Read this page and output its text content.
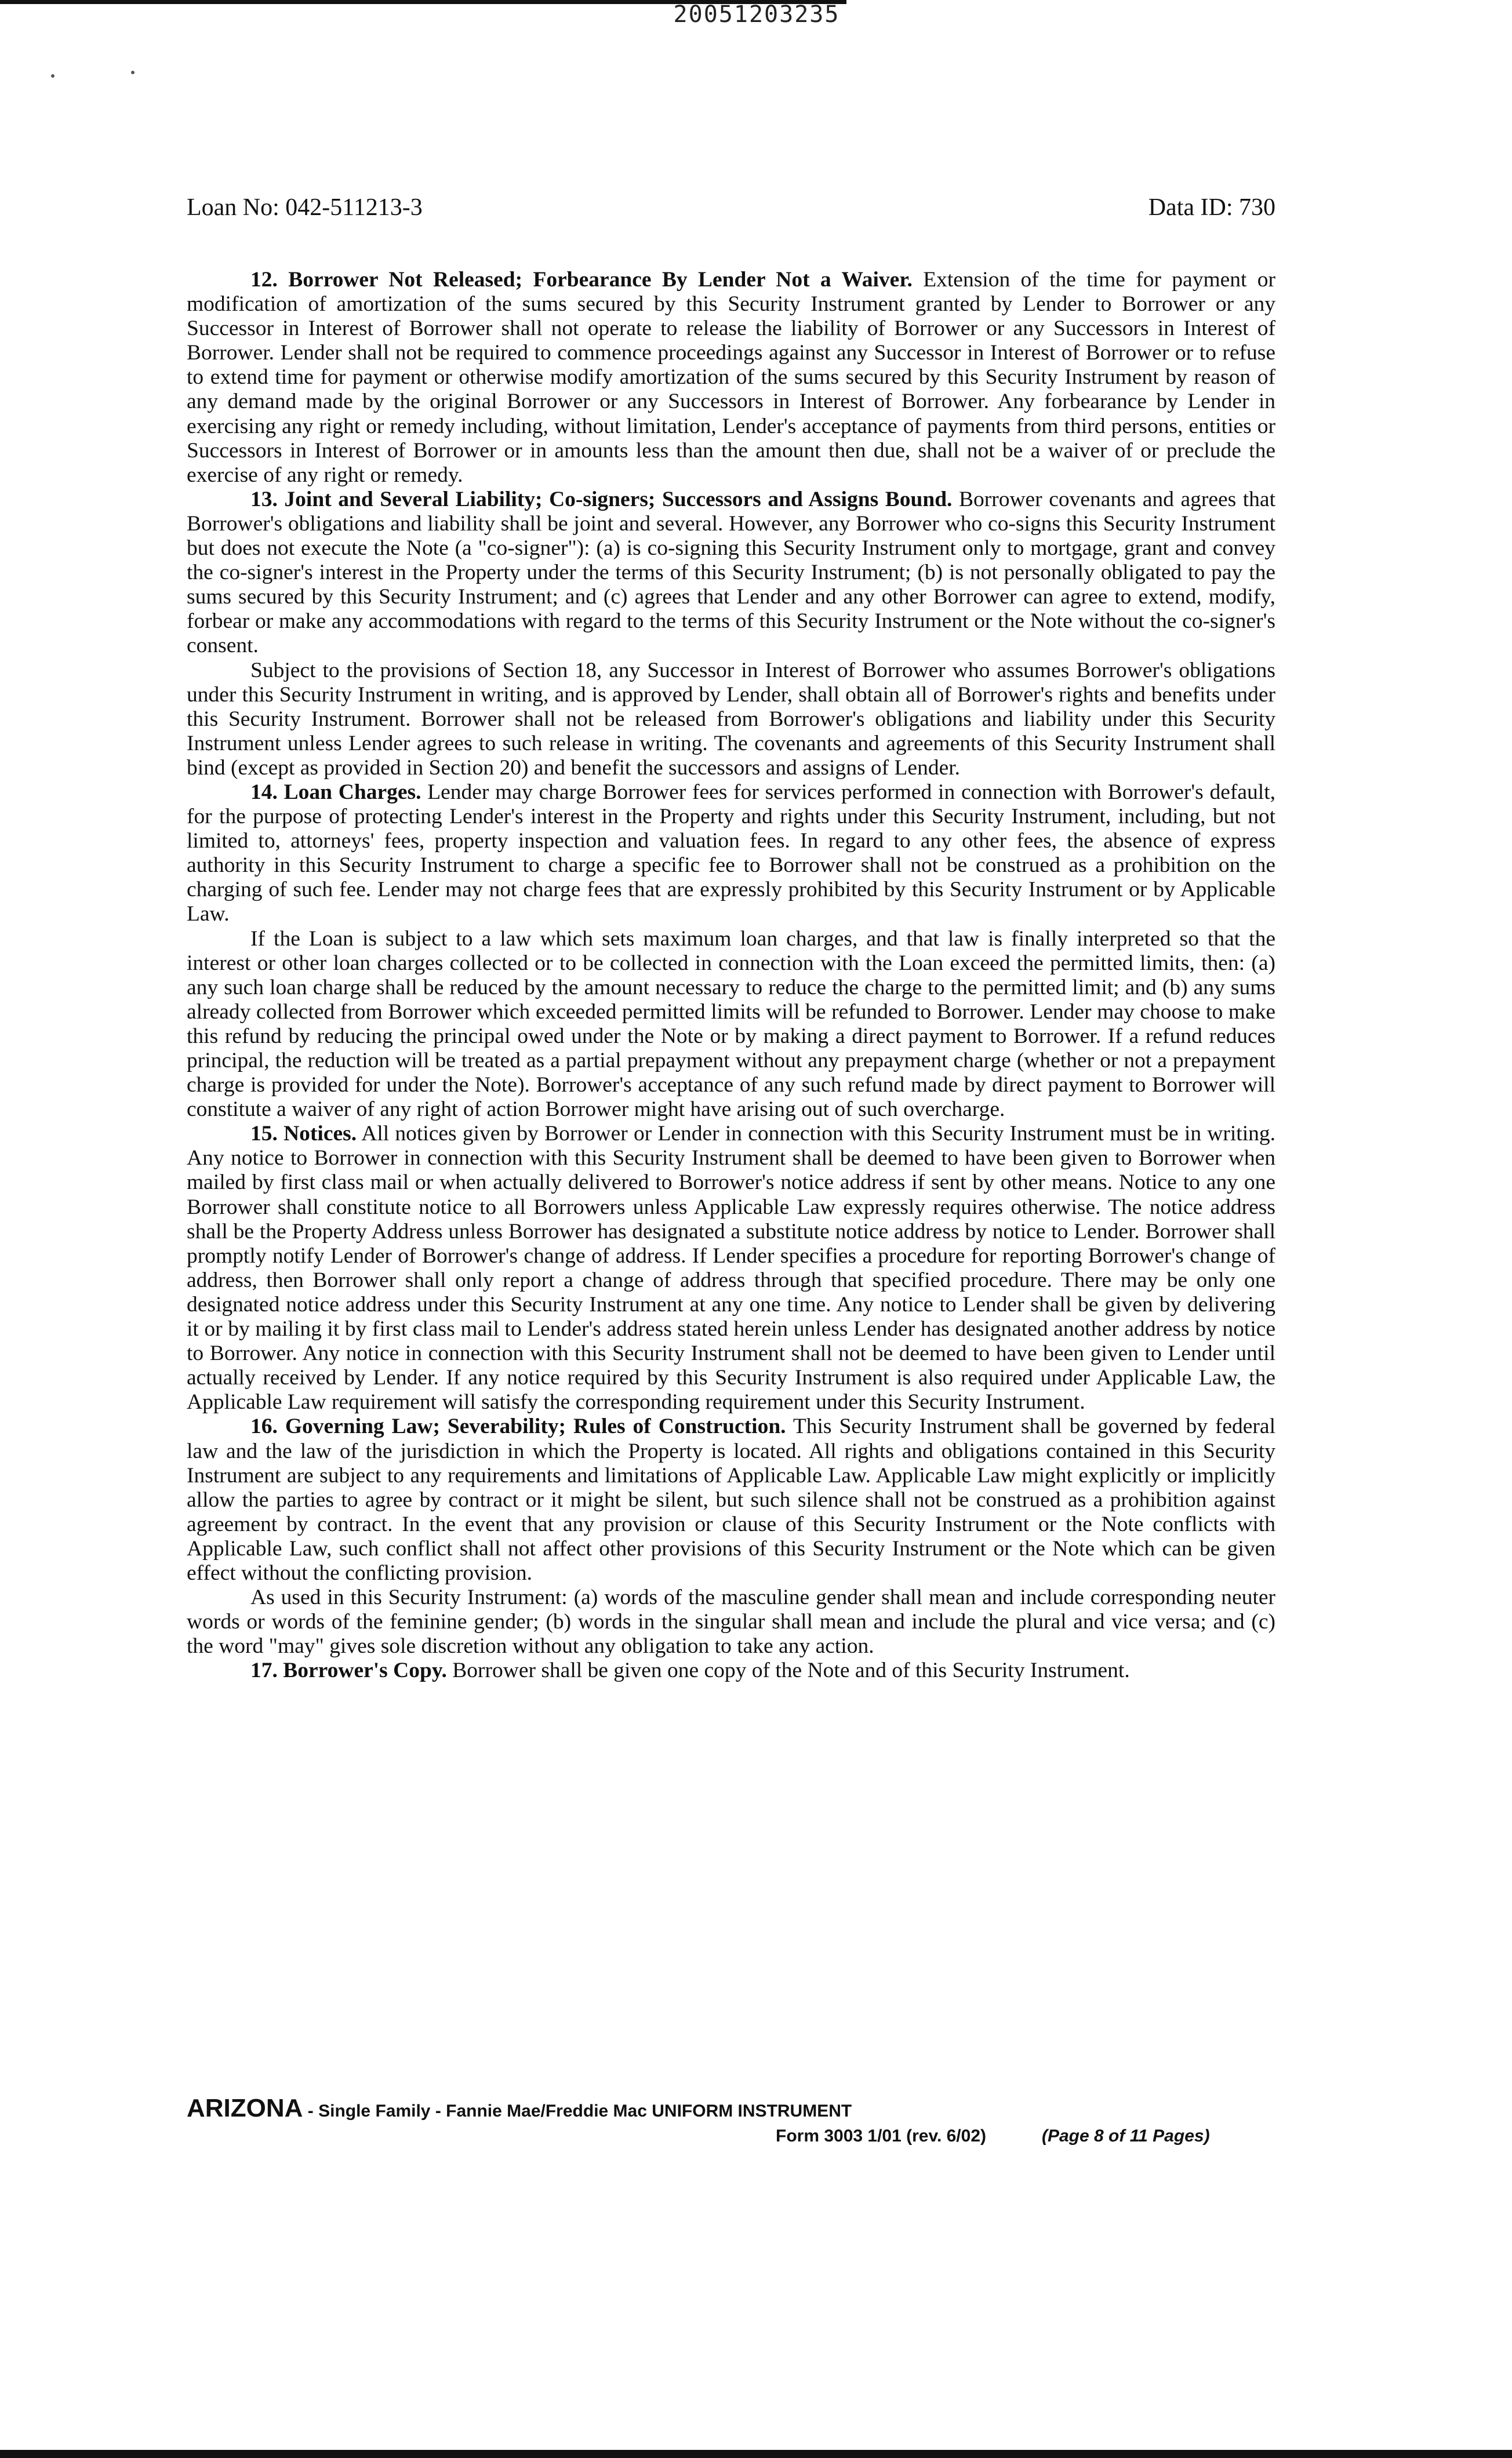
20051203235
Loan No: 042-511213-3	Data ID: 730

12. Borrower Not Released; Forbearance By Lender Not a Waiver. Extension of the time for payment or modification of amortization of the sums secured by this Security Instrument granted by Lender to Borrower or any Successor in Interest of Borrower shall not operate to release the liability of Borrower or any Successors in Interest of Borrower. Lender shall not be required to commence proceedings against any Successor in Interest of Borrower or to refuse to extend time for payment or otherwise modify amortization of the sums secured by this Security Instrument by reason of any demand made by the original Borrower or any Successors in Interest of Borrower. Any forbearance by Lender in exercising any right or remedy including, without limitation, Lender's acceptance of payments from third persons, entities or Successors in Interest of Borrower or in amounts less than the amount then due, shall not be a waiver of or preclude the exercise of any right or remedy.

13. Joint and Several Liability; Co-signers; Successors and Assigns Bound. Borrower covenants and agrees that Borrower's obligations and liability shall be joint and several. However, any Borrower who co-signs this Security Instrument but does not execute the Note (a "co-signer"): (a) is co-signing this Security Instrument only to mortgage, grant and convey the co-signer's interest in the Property under the terms of this Security Instrument; (b) is not personally obligated to pay the sums secured by this Security Instrument; and (c) agrees that Lender and any other Borrower can agree to extend, modify, forbear or make any accommodations with regard to the terms of this Security Instrument or the Note without the co-signer's consent.

Subject to the provisions of Section 18, any Successor in Interest of Borrower who assumes Borrower's obligations under this Security Instrument in writing, and is approved by Lender, shall obtain all of Borrower's rights and benefits under this Security Instrument. Borrower shall not be released from Borrower's obligations and liability under this Security Instrument unless Lender agrees to such release in writing. The covenants and agreements of this Security Instrument shall bind (except as provided in Section 20) and benefit the successors and assigns of Lender.

14. Loan Charges. Lender may charge Borrower fees for services performed in connection with Borrower's default, for the purpose of protecting Lender's interest in the Property and rights under this Security Instrument, including, but not limited to, attorneys' fees, property inspection and valuation fees. In regard to any other fees, the absence of express authority in this Security Instrument to charge a specific fee to Borrower shall not be construed as a prohibition on the charging of such fee. Lender may not charge fees that are expressly prohibited by this Security Instrument or by Applicable Law.

If the Loan is subject to a law which sets maximum loan charges, and that law is finally interpreted so that the interest or other loan charges collected or to be collected in connection with the Loan exceed the permitted limits, then: (a) any such loan charge shall be reduced by the amount necessary to reduce the charge to the permitted limit; and (b) any sums already collected from Borrower which exceeded permitted limits will be refunded to Borrower. Lender may choose to make this refund by reducing the principal owed under the Note or by making a direct payment to Borrower. If a refund reduces principal, the reduction will be treated as a partial prepayment without any prepayment charge (whether or not a prepayment charge is provided for under the Note). Borrower's acceptance of any such refund made by direct payment to Borrower will constitute a waiver of any right of action Borrower might have arising out of such overcharge.

15. Notices. All notices given by Borrower or Lender in connection with this Security Instrument must be in writing. Any notice to Borrower in connection with this Security Instrument shall be deemed to have been given to Borrower when mailed by first class mail or when actually delivered to Borrower's notice address if sent by other means. Notice to any one Borrower shall constitute notice to all Borrowers unless Applicable Law expressly requires otherwise. The notice address shall be the Property Address unless Borrower has designated a substitute notice address by notice to Lender. Borrower shall promptly notify Lender of Borrower's change of address. If Lender specifies a procedure for reporting Borrower's change of address, then Borrower shall only report a change of address through that specified procedure. There may be only one designated notice address under this Security Instrument at any one time. Any notice to Lender shall be given by delivering it or by mailing it by first class mail to Lender's address stated herein unless Lender has designated another address by notice to Borrower. Any notice in connection with this Security Instrument shall not be deemed to have been given to Lender until actually received by Lender. If any notice required by this Security Instrument is also required under Applicable Law, the Applicable Law requirement will satisfy the corresponding requirement under this Security Instrument.

16. Governing Law; Severability; Rules of Construction. This Security Instrument shall be governed by federal law and the law of the jurisdiction in which the Property is located. All rights and obligations contained in this Security Instrument are subject to any requirements and limitations of Applicable Law. Applicable Law might explicitly or implicitly allow the parties to agree by contract or it might be silent, but such silence shall not be construed as a prohibition against agreement by contract. In the event that any provision or clause of this Security Instrument or the Note conflicts with Applicable Law, such conflict shall not affect other provisions of this Security Instrument or the Note which can be given effect without the conflicting provision.

As used in this Security Instrument: (a) words of the masculine gender shall mean and include corresponding neuter words or words of the feminine gender; (b) words in the singular shall mean and include the plural and vice versa; and (c) the word "may" gives sole discretion without any obligation to take any action.

17. Borrower's Copy. Borrower shall be given one copy of the Note and of this Security Instrument.

ARIZONA - Single Family - Fannie Mae/Freddie Mac UNIFORM INSTRUMENT
Form 3003 1/01 (rev. 6/02)	(Page 8 of 11 Pages)
